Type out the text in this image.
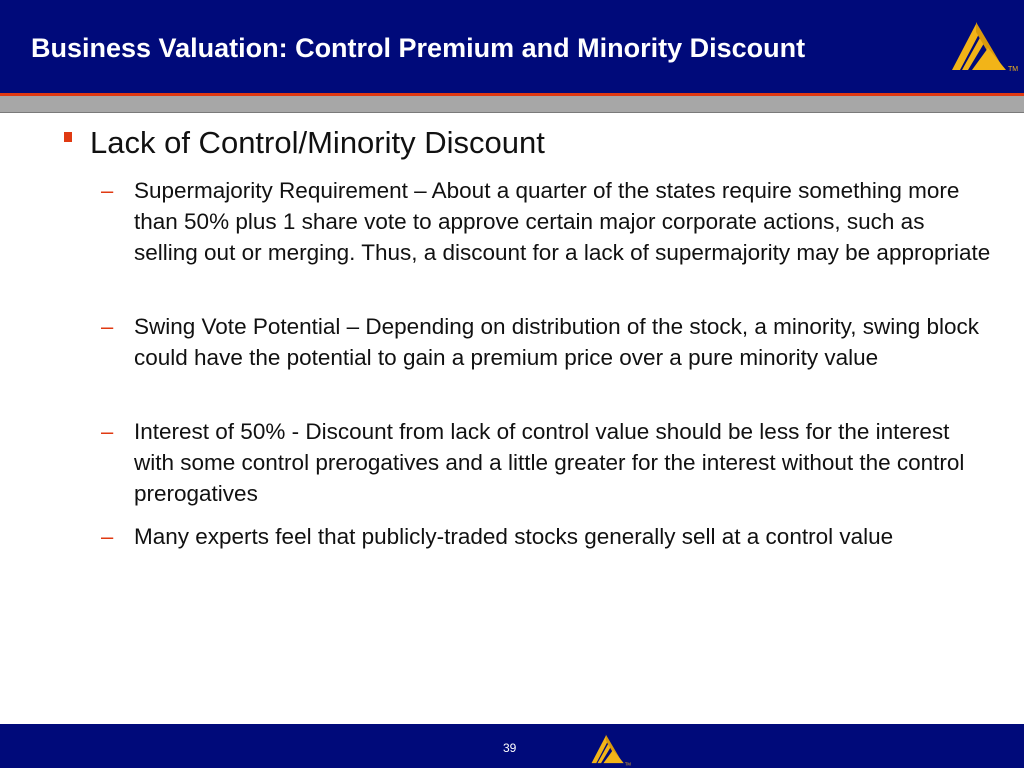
Business Valuation: Control Premium and Minority Discount
TM
Lack of Control/Minority Discount
– Supermajority Requirement – About a quarter of the states require something more than 50% plus 1 share vote to approve certain major corporate actions, such as selling out or merging. Thus, a discount for a lack of supermajority may be appropriate
– Swing Vote Potential – Depending on distribution of the stock, a minority, swing block could have the potential to gain a premium price over a pure minority value
– Interest of 50% - Discount from lack of control value should be less for the interest with some control prerogatives and a little greater for the interest without the control prerogatives
– Many experts feel that publicly-traded stocks generally sell at a control value
39
TM
